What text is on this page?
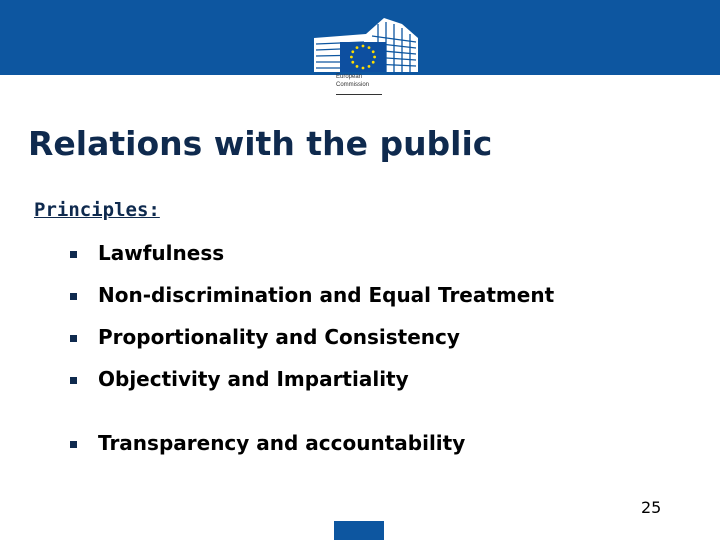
European
Commission
Relations with the public
Principles:
Lawfulness
Non-discrimination and Equal Treatment
Proportionality and Consistency
Objectivity and Impartiality
Transparency and accountability
25
